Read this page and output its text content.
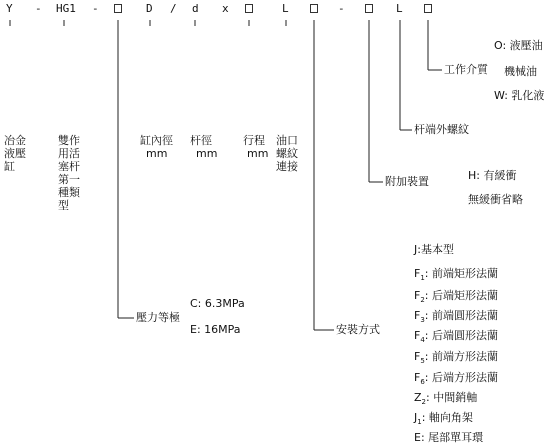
Y - HG1 -	D / d x	L	-	L
冶金
液壓
缸
雙作
用活
塞杆
第一
種類
型
缸內徑
mm
杆徑
mm
行程
mm
油口
螺紋
連接
工作介質
O: 液壓油
機械油
W: 乳化液
杆端外螺紋
附加裝置	H: 有緩衝
無緩衝省略
壓力等極
C: 6.3MPa
E: 16MPa	安裝方式
J:基本型
$F_1$: 前端矩形法蘭
$F_2$: 后端矩形法蘭
$F_3$: 前端圓形法蘭
$F_4$: 后端圓形法蘭
$F_5$: 前端方形法蘭
$F_6$: 后端方形法蘭
$Z_2$: 中間銷軸
$J_1$: 軸向角架
E: 尾部單耳環
